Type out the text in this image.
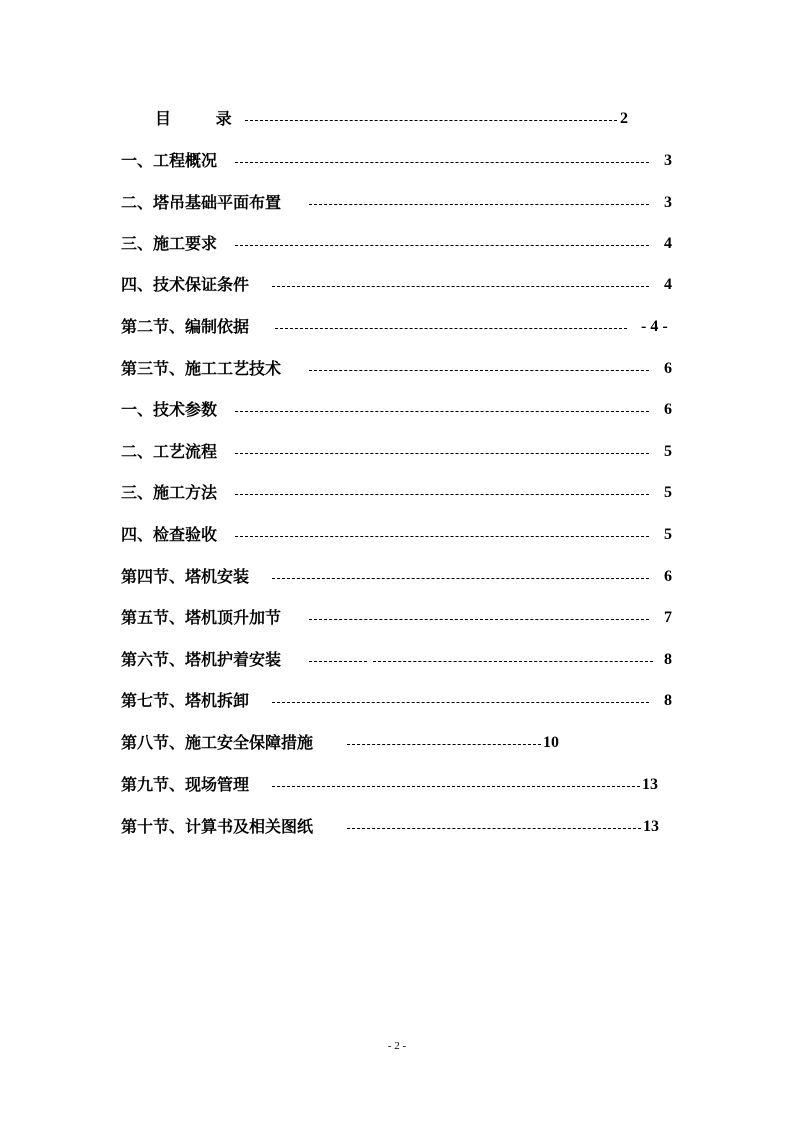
目        录	2
一、工程概况	3
二、塔吊基础平面布置	3
三、施工要求	4
四、技术保证条件	4
第二节、编制依据	- 4 -
第三节、施工工艺技术	6
一、技术参数	6
二、工艺流程	5
三、施工方法	5
四、检查验收	5
第四节、塔机安装	6
第五节、塔机顶升加节	7
第六节、塔机护着安装	8
第七节、塔机拆卸	8
第八节、施工安全保障措施	10
第九节、现场管理	13
第十节、计算书及相关图纸	13
- 2 -
